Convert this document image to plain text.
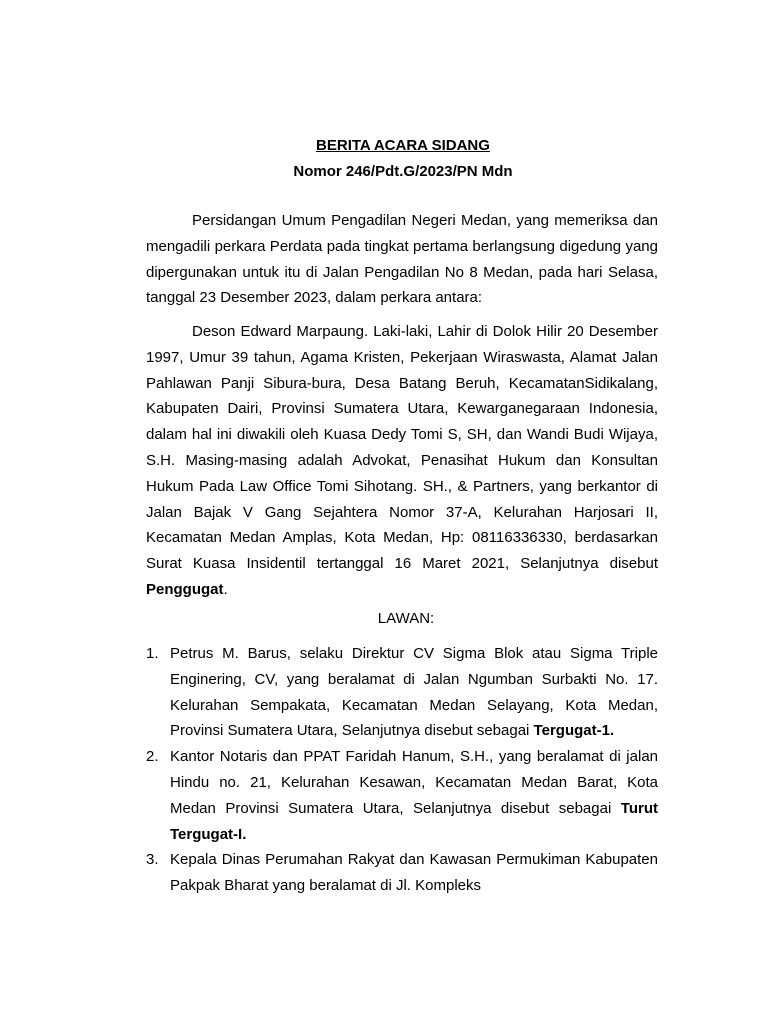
BERITA ACARA SIDANG
Nomor 246/Pdt.G/2023/PN Mdn

Persidangan Umum Pengadilan Negeri Medan, yang memeriksa dan mengadili perkara Perdata pada tingkat pertama berlangsung digedung yang dipergunakan untuk itu di Jalan Pengadilan No 8 Medan, pada hari Selasa, tanggal 23 Desember 2023, dalam perkara antara:

Deson Edward Marpaung. Laki-laki, Lahir di Dolok Hilir 20 Desember 1997, Umur 39 tahun, Agama Kristen, Pekerjaan Wiraswasta, Alamat Jalan Pahlawan Panji Sibura-bura, Desa Batang Beruh, KecamatanSidikalang, Kabupaten Dairi, Provinsi Sumatera Utara, Kewarganegaraan Indonesia, dalam hal ini diwakili oleh Kuasa Dedy Tomi S, SH, dan Wandi Budi Wijaya, S.H. Masing-masing adalah Advokat, Penasihat Hukum dan Konsultan Hukum Pada Law Office Tomi Sihotang. SH., & Partners, yang berkantor di Jalan Bajak V Gang Sejahtera Nomor 37-A, Kelurahan Harjosari II, Kecamatan Medan Amplas, Kota Medan, Hp: 08116336330, berdasarkan Surat Kuasa Insidentil tertanggal 16 Maret 2021, Selanjutnya disebut Penggugat.

LAWAN:
1. Petrus M. Barus, selaku Direktur CV Sigma Blok atau Sigma Triple Enginering, CV, yang beralamat di Jalan Ngumban Surbakti No. 17. Kelurahan Sempakata, Kecamatan Medan Selayang, Kota Medan, Provinsi Sumatera Utara, Selanjutnya disebut sebagai Tergugat-1.
2. Kantor Notaris dan PPAT Faridah Hanum, S.H., yang beralamat di jalan Hindu no. 21, Kelurahan Kesawan, Kecamatan Medan Barat, Kota Medan Provinsi Sumatera Utara, Selanjutnya disebut sebagai Turut Tergugat-I.
3. Kepala Dinas Perumahan Rakyat dan Kawasan Permukiman Kabupaten Pakpak Bharat yang beralamat di Jl. Kompleks
